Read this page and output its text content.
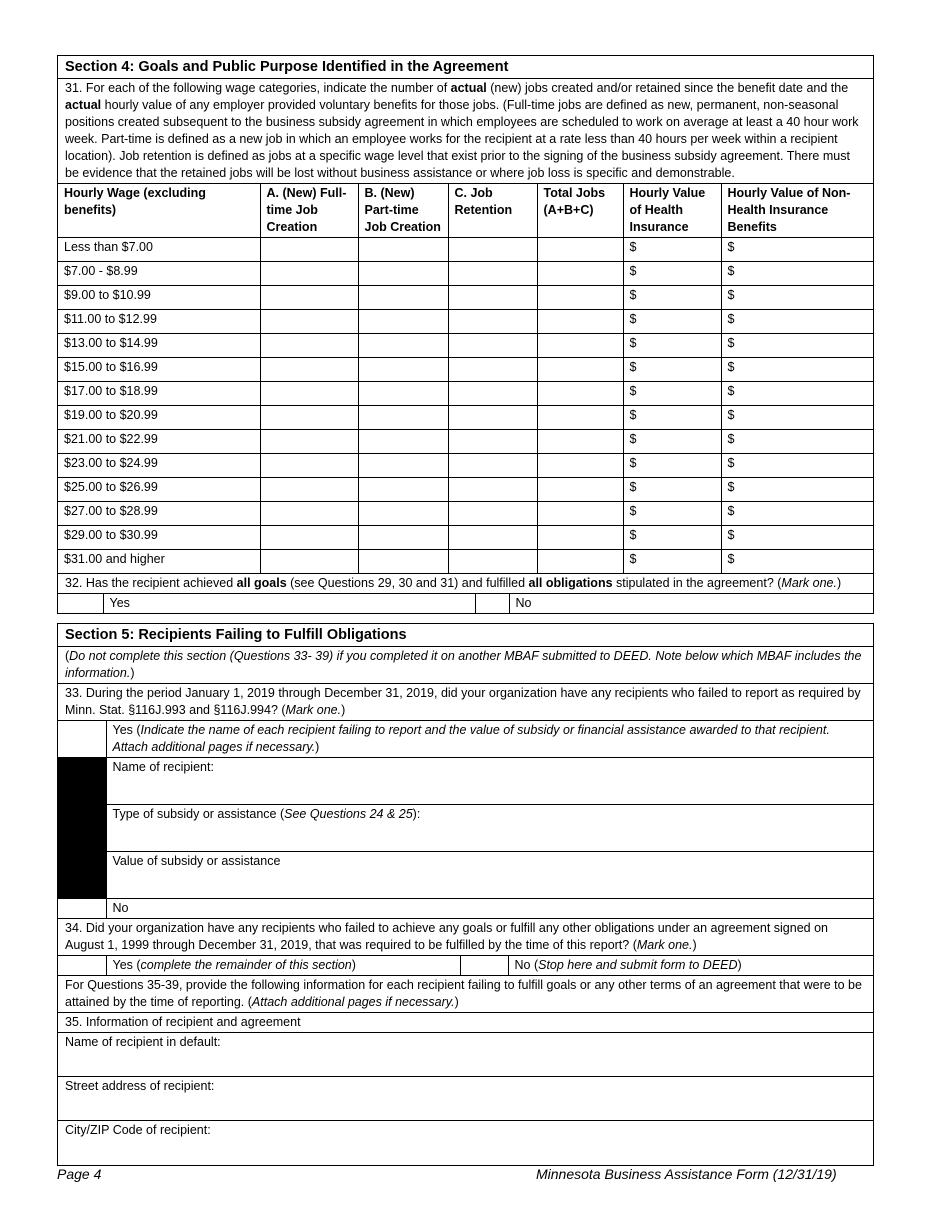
Section 4: Goals and Public Purpose Identified in the Agreement
31. For each of the following wage categories, indicate the number of actual (new) jobs created and/or retained since the benefit date and the actual hourly value of any employer provided voluntary benefits for those jobs. (Full-time jobs are defined as new, permanent, non-seasonal positions created subsequent to the business subsidy agreement in which employees are scheduled to work on average at least a 40 hour work week. Part-time is defined as a new job in which an employee works for the recipient at a rate less than 40 hours per week within a recipient location). Job retention is defined as jobs at a specific wage level that exist prior to the signing of the business subsidy agreement. There must be evidence that the retained jobs will be lost without business assistance or where job loss is specific and demonstrable.
Hourly Wage (excluding benefits)	A. (New) Full-time Job Creation	B. (New) Part-time Job Creation	C. Job Retention	Total Jobs (A+B+C)	Hourly Value of Health Insurance	Hourly Value of Non-Health Insurance Benefits
Less than $7.00					$	$
$7.00 - $8.99					$	$
$9.00 to $10.99					$	$
$11.00 to $12.99					$	$
$13.00 to $14.99					$	$
$15.00 to $16.99					$	$
$17.00 to $18.99					$	$
$19.00 to $20.99					$	$
$21.00 to $22.99					$	$
$23.00 to $24.99					$	$
$25.00 to $26.99					$	$
$27.00 to $28.99					$	$
$29.00 to $30.99					$	$
$31.00 and higher					$	$
32. Has the recipient achieved all goals (see Questions 29, 30 and 31) and fulfilled all obligations stipulated in the agreement? (Mark one.)
	Yes		No
Section 5: Recipients Failing to Fulfill Obligations
(Do not complete this section (Questions 33- 39) if you completed it on another MBAF submitted to DEED. Note below which MBAF includes the information.)
33. During the period January 1, 2019 through December 31, 2019, did your organization have any recipients who failed to report as required by Minn. Stat. §116J.993 and §116J.994? (Mark one.)
	Yes (Indicate the name of each recipient failing to report and the value of subsidy or financial assistance awarded to that recipient. Attach additional pages if necessary.)
	Name of recipient:
	Type of subsidy or assistance (See Questions 24 & 25):
	Value of subsidy or assistance
	No
34. Did your organization have any recipients who failed to achieve any goals or fulfill any other obligations under an agreement signed on August 1, 1999 through December 31, 2019, that was required to be fulfilled by the time of this report? (Mark one.)
	Yes (complete the remainder of this section)		No (Stop here and submit form to DEED)
For Questions 35-39, provide the following information for each recipient failing to fulfill goals or any other terms of an agreement that were to be attained by the time of reporting. (Attach additional pages if necessary.)
35. Information of recipient and agreement
Name of recipient in default:
Street address of recipient:
City/ZIP Code of recipient:
Page 4	Minnesota Business Assistance Form (12/31/19)
